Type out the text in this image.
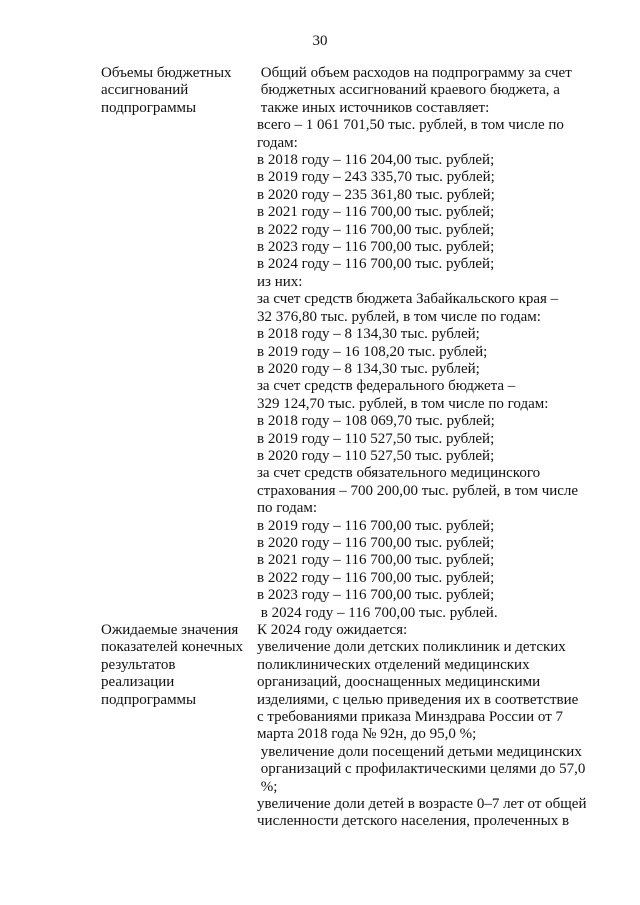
30
Объемы бюджетных
ассигнований
подпрограммы
Общий объем расходов на подпрограмму за счет
бюджетных ассигнований краевого бюджета, а
также иных источников составляет:
всего – 1 061 701,50 тыс. рублей, в том числе по
годам:
в 2018 году – 116 204,00 тыс. рублей;
в 2019 году – 243 335,70 тыс. рублей;
в 2020 году – 235 361,80 тыс. рублей;
в 2021 году – 116 700,00 тыс. рублей;
в 2022 году – 116 700,00 тыс. рублей;
в 2023 году – 116 700,00 тыс. рублей;
в 2024 году – 116 700,00 тыс. рублей;
из них:
за счет средств бюджета Забайкальского края –
32 376,80 тыс. рублей, в том числе по годам:
в 2018 году – 8 134,30 тыс. рублей;
в 2019 году – 16 108,20 тыс. рублей;
в 2020 году – 8 134,30 тыс. рублей;
за счет средств федерального бюджета –
329 124,70 тыс. рублей, в том числе по годам:
в 2018 году – 108 069,70 тыс. рублей;
в 2019 году – 110 527,50 тыс. рублей;
в 2020 году – 110 527,50 тыс. рублей;
за счет средств обязательного медицинского
страхования – 700 200,00 тыс. рублей, в том числе
по годам:
в 2019 году – 116 700,00 тыс. рублей;
в 2020 году – 116 700,00 тыс. рублей;
в 2021 году – 116 700,00 тыс. рублей;
в 2022 году – 116 700,00 тыс. рублей;
в 2023 году – 116 700,00 тыс. рублей;
в 2024 году – 116 700,00 тыс. рублей.
Ожидаемые значения
показателей конечных
результатов
реализации
подпрограммы
К 2024 году ожидается:
увеличение доли детских поликлиник и детских
поликлинических отделений медицинских
организаций, дооснащенных медицинскими
изделиями, с целью приведения их в соответствие
с требованиями приказа Минздрава России от 7
марта 2018 года № 92н, до 95,0 %;
увеличение доли посещений детьми медицинских
организаций с профилактическими целями до 57,0
%;
увеличение доли детей в возрасте 0–7 лет от общей
численности детского населения, пролеченных в
